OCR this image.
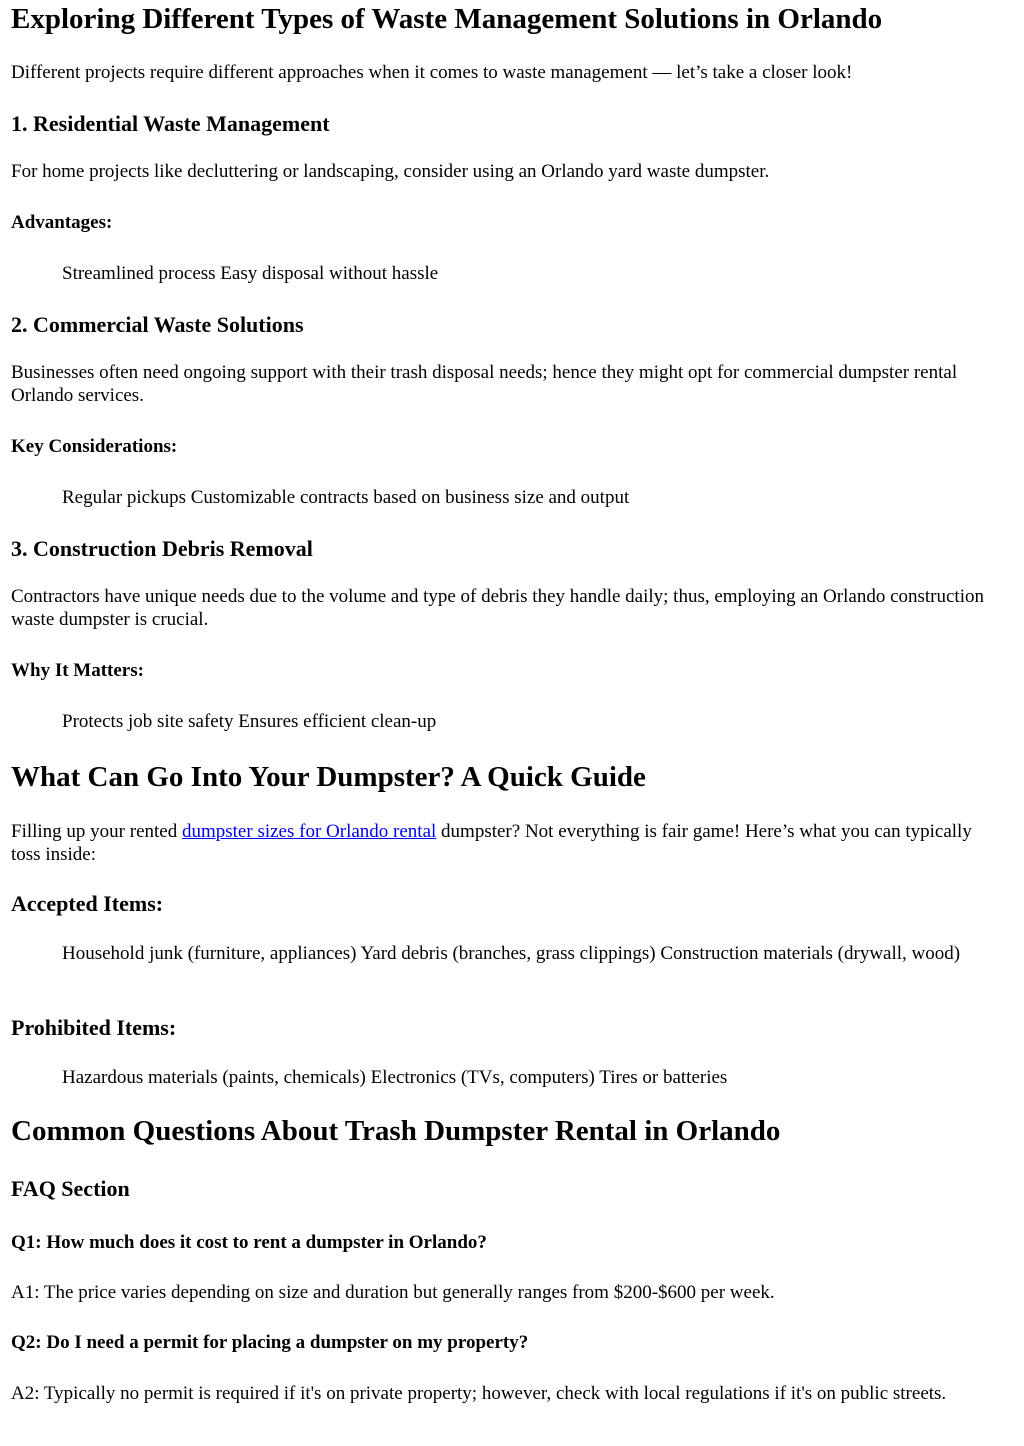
Exploring Different Types of Waste Management Solutions in Orlando

Different projects require different approaches when it comes to waste management — let’s take a closer look!

1. Residential Waste Management

For home projects like decluttering or landscaping, consider using an Orlando yard waste dumpster.

Advantages:

Streamlined process Easy disposal without hassle

2. Commercial Waste Solutions

Businesses often need ongoing support with their trash disposal needs; hence they might opt for commercial dumpster rental Orlando services.

Key Considerations:

Regular pickups Customizable contracts based on business size and output

3. Construction Debris Removal

Contractors have unique needs due to the volume and type of debris they handle daily; thus, employing an Orlando construction waste dumpster is crucial.

Why It Matters:

Protects job site safety Ensures efficient clean-up

What Can Go Into Your Dumpster? A Quick Guide

Filling up your rented dumpster sizes for Orlando rental dumpster? Not everything is fair game! Here’s what you can typically toss inside:

Accepted Items:

Household junk (furniture, appliances) Yard debris (branches, grass clippings) Construction materials (drywall, wood)

Prohibited Items:

Hazardous materials (paints, chemicals) Electronics (TVs, computers) Tires or batteries

Common Questions About Trash Dumpster Rental in Orlando
FAQ Section
Q1: How much does it cost to rent a dumpster in Orlando?

A1: The price varies depending on size and duration but generally ranges from $200-$600 per week.

Q2: Do I need a permit for placing a dumpster on my property?

A2: Typically no permit is required if it's on private property; however, check with local regulations if it's on public streets.
